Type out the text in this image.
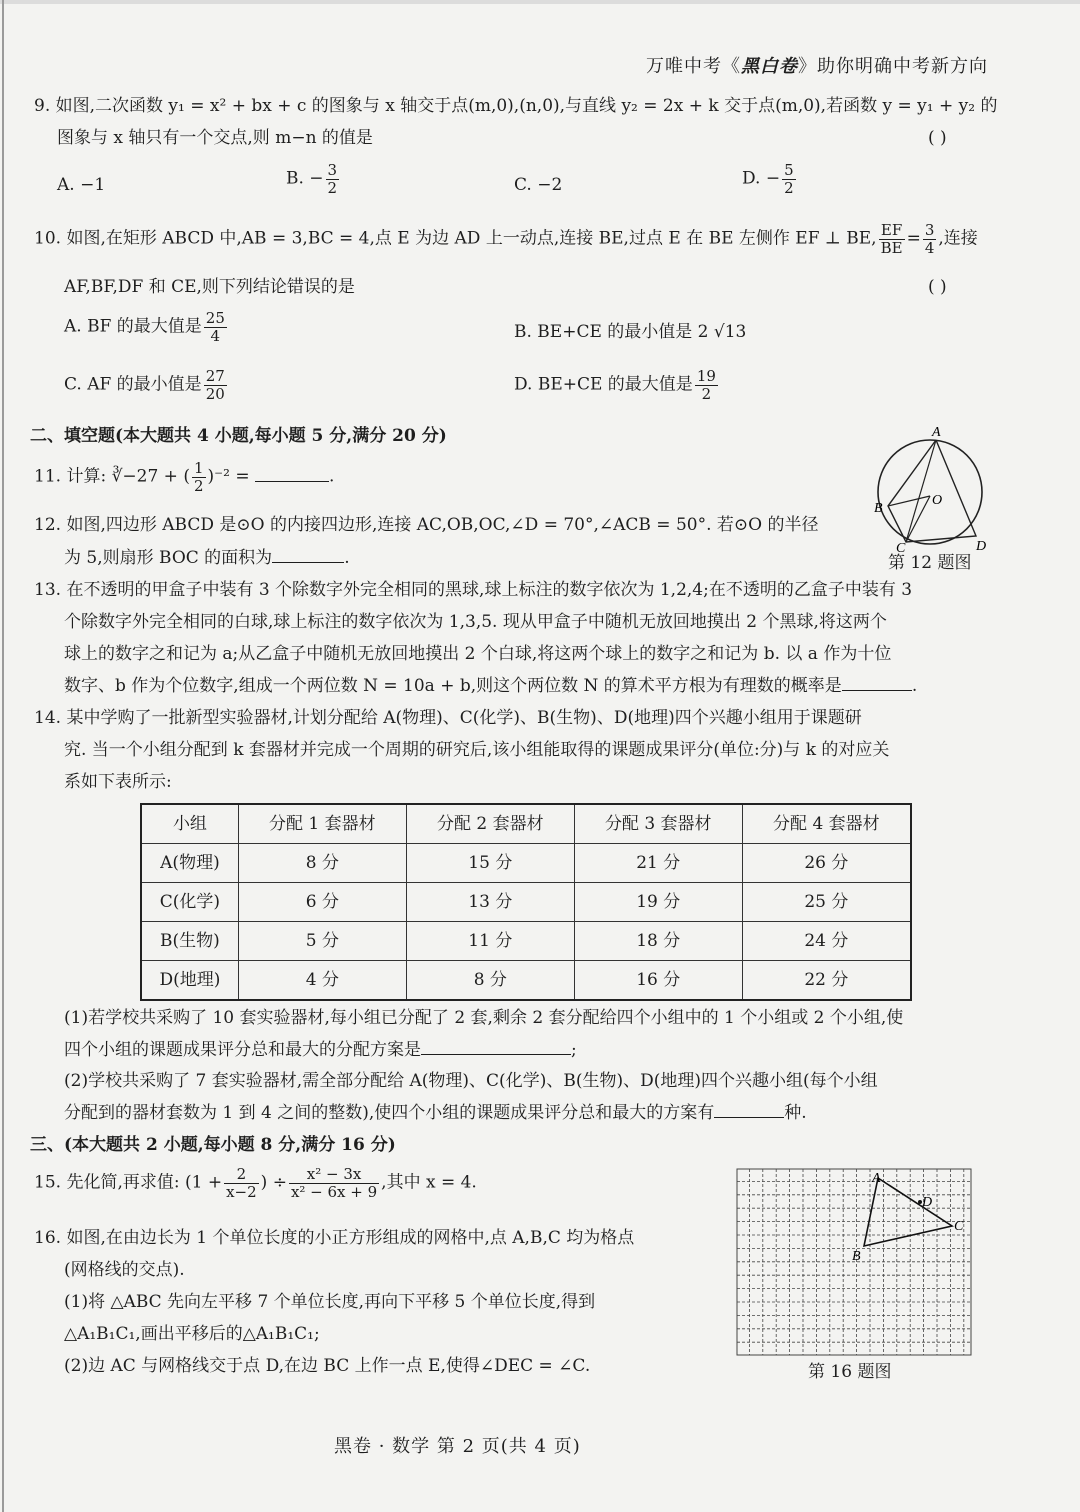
万唯中考《黑白卷》助你明确中考新方向
9. 如图,二次函数 y₁ = x² + bx + c 的图象与 x 轴交于点(m,0),(n,0),与直线 y₂ = 2x + k 交于点(m,0),若函数 y = y₁ + y₂ 的
图象与 x 轴只有一个交点,则 m−n 的值是	( )
A. −1	B. − $\frac{3}{2}$	C. −2	D. − $\frac{5}{2}$
10. 如图,在矩形 ABCD 中,AB = 3,BC = 4,点 E 为边 AD 上一动点,连接 BE,过点 E 在 BE 左侧作 EF ⊥ BE, $\frac{EF}{BE} = \frac{3}{4}$ ,连接
AF,BF,DF 和 CE,则下列结论错误的是	( )
A. BF 的最大值是 $\frac{25}{4}$	B. BE+CE 的最小值是 2 √13
C. AF 的最小值是 $\frac{27}{20}$	D. BE+CE 的最大值是 $\frac{19}{2}$
二、填空题(本大题共 4 小题,每小题 5 分,满分 20 分)
11. 计算: ∛−27 + ( $\frac{1}{2} )^{-2}$ =	.
A
B
C	D
O
第 12 题图
12. 如图,四边形 ABCD 是⊙O 的内接四边形,连接 AC,OB,OC,∠D = 70°,∠ACB = 50°. 若⊙O 的半径
为 5,则扇形 BOC 的面积为	.
13. 在不透明的甲盒子中装有 3 个除数字外完全相同的黑球,球上标注的数字依次为 1,2,4;在不透明的乙盒子中装有 3
个除数字外完全相同的白球,球上标注的数字依次为 1,3,5. 现从甲盒子中随机无放回地摸出 2 个黑球,将这两个
球上的数字之和记为 a;从乙盒子中随机无放回地摸出 2 个白球,将这两个球上的数字之和记为 b. 以 a 作为十位
数字、b 作为个位数字,组成一个两位数 N = 10a + b,则这个两位数 N 的算术平方根为有理数的概率是	.
14. 某中学购了一批新型实验器材,计划分配给 A(物理)、C(化学)、B(生物)、D(地理)四个兴趣小组用于课题研
究. 当一个小组分配到 k 套器材并完成一个周期的研究后,该小组能取得的课题成果评分(单位:分)与 k 的对应关
系如下表所示:
小组	分配 1 套器材	分配 2 套器材	分配 3 套器材	分配 4 套器材
A(物理)	8 分	15 分	21 分	26 分
C(化学)	6 分	13 分	19 分	25 分
B(生物)	5 分	11 分	18 分	24 分
D(地理)	4 分	8 分	16 分	22 分
(1)若学校共采购了 10 套实验器材,每小组已分配了 2 套,剩余 2 套分配给四个小组中的 1 个小组或 2 个小组,使
四个小组的课题成果评分总和最大的分配方案是	;
(2)学校共采购了 7 套实验器材,需全部分配给 A(物理)、C(化学)、B(生物)、D(地理)四个兴趣小组(每个小组
分配到的器材套数为 1 到 4 之间的整数),使四个小组的课题成果评分总和最大的方案有	种.
三、(本大题共 2 小题,每小题 8 分,满分 16 分)
15. 先化简,再求值: ($1 + \frac{2}{x-2}$ ) ÷ $\frac{\text{x² − 3x}}{\text{x² − 6x + 9}}$ ,其中 x = 4.
16. 如图,在由边长为 1 个单位长度的小正方形组成的网格中,点 A,B,C 均为格点
(网格线的交点).
(1)将 △ABC 先向左平移 7 个单位长度,再向下平移 5 个单位长度,得到
△A₁B₁C₁,画出平移后的△A₁B₁C₁;
(2)边 AC 与网格线交于点 D,在边 BC 上作一点 E,使得∠DEC = ∠C.
A
B
C
D
第 16 题图
黑卷 · 数学 第 2 页(共 4 页)
